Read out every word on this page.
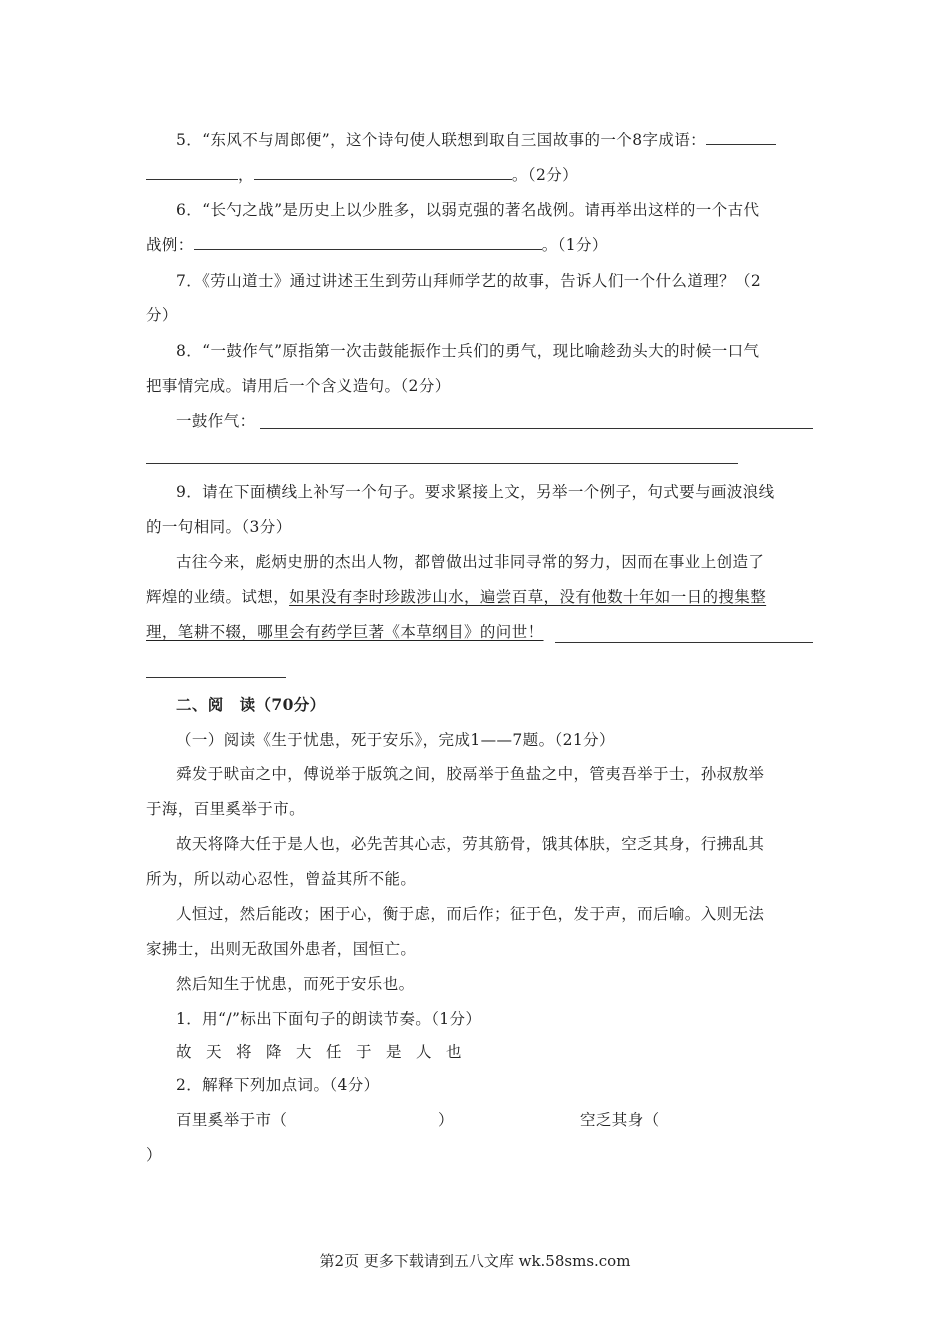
5．“东风不与周郎便”，这个诗句使人联想到取自三国故事的一个8字成语：
，	。（2分）
6．“长勺之战”是历史上以少胜多，以弱克强的著名战例。请再举出这样的一个古代
战例：	。（1分）
7．《劳山道士》通过讲述王生到劳山拜师学艺的故事，告诉人们一个什么道理？（2
分）
8．“一鼓作气”原指第一次击鼓能振作士兵们的勇气，现比喻趁劲头大的时候一口气
把事情完成。请用后一个含义造句。（2分）
一鼓作气：
9．请在下面横线上补写一个句子。要求紧接上文，另举一个例子，句式要与画波浪线
的一句相同。（3分）
古往今来，彪炳史册的杰出人物，都曾做出过非同寻常的努力，因而在事业上创造了
辉煌的业绩。试想，如果没有李时珍跋涉山水，遍尝百草，没有他数十年如一日的搜集整
理，笔耕不辍，哪里会有药学巨著《本草纲目》的问世！
二、阅　读（70分）
（一）阅读《生于忧患，死于安乐》，完成1——7题。（21分）
舜发于畎亩之中，傅说举于版筑之间，胶鬲举于鱼盐之中，管夷吾举于士，孙叔敖举
于海，百里奚举于市。
故天将降大任于是人也，必先苦其心志，劳其筋骨，饿其体肤，空乏其身，行拂乱其
所为，所以动心忍性，曾益其所不能。
人恒过，然后能改；困于心，衡于虑，而后作；征于色，发于声，而后喻。入则无法
家拂士，出则无敌国外患者，国恒亡。
然后知生于忧患，而死于安乐也。
1．用“/”标出下面句子的朗读节奏。（1分）
故 天 将 降 大 任 于 是 人 也
2．解释下列加点词。（4分）
百里奚举于市（	）	空乏其身（
）
第2页 更多下载请到五八文库 wk.58sms.com
